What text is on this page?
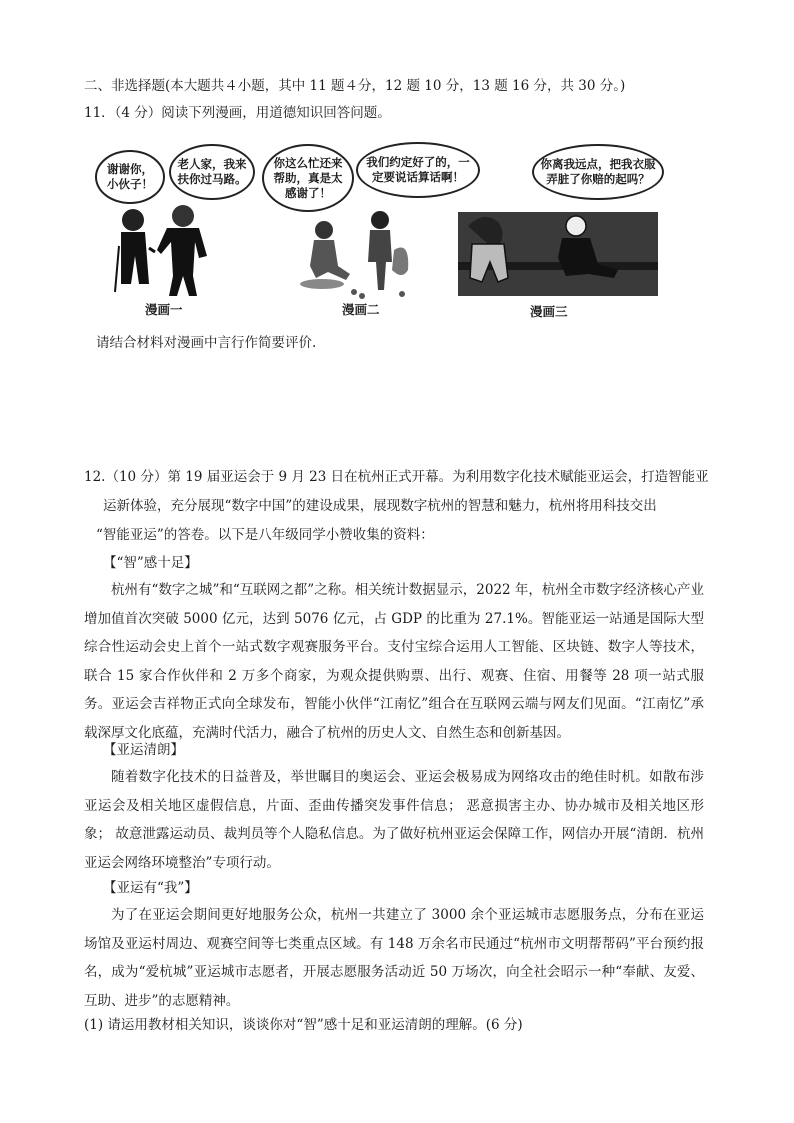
二、非选择题(本大题共４小题，其中 11 题４分，12 题 10 分，13 题 16 分，共 30 分。)
11．（4 分）阅读下列漫画，用道德知识回答问题。
谢谢你，小伙子！
老人家，我来扶你过马路。
漫画一
你这么忙还来帮助，真是太感谢了！
我们约定好了的，一定要说话算话啊！
漫画二
你离我远点，把我衣服弄脏了你赔的起吗？
漫画三
请结合材料对漫画中言行作简要评价.
12.（10 分）第 19 届亚运会于 9 月 23 日在杭州正式开幕。为利用数字化技术赋能亚运会，打造智能亚
运新体验，充分展现“数字中国”的建设成果，展现数字杭州的智慧和魅力，杭州将用科技交出
“智能亚运”的答卷。以下是八年级同学小赞收集的资料：
【“智”感十足】
杭州有“数字之城”和“互联网之都”之称。相关统计数据显示，2022 年，杭州全市数字经济核心产业增加值首次突破 5000 亿元，达到 5076 亿元，占 GDP 的比重为 27.1%。智能亚运一站通是国际大型综合性运动会史上首个一站式数字观赛服务平台。支付宝综合运用人工智能、区块链、数字人等技术，联合 15 家合作伙伴和 2 万多个商家，为观众提供购票、出行、观赛、住宿、用餐等 28 项一站式服务。亚运会吉祥物正式向全球发布，智能小伙伴“江南忆”组合在互联网云端与网友们见面。“江南忆”承载深厚文化底蕴，充满时代活力，融合了杭州的历史人文、自然生态和创新基因。
【亚运清朗】
随着数字化技术的日益普及，举世瞩目的奥运会、亚运会极易成为网络攻击的绝佳时机。如散布涉亚运会及相关地区虚假信息，片面、歪曲传播突发事件信息； 恶意损害主办、协办城市及相关地区形象； 故意泄露运动员、裁判员等个人隐私信息。为了做好杭州亚运会保障工作，网信办开展“清朗．杭州亚运会网络环境整治”专项行动。
【亚运有“我”】
为了在亚运会期间更好地服务公众，杭州一共建立了 3000 余个亚运城市志愿服务点，分布在亚运场馆及亚运村周边、观赛空间等七类重点区域。有 148 万余名市民通过“杭州市文明帮帮码”平台预约报名，成为“爱杭城”亚运城市志愿者，开展志愿服务活动近 50 万场次，向全社会昭示一种“奉献、友爱、互助、进步”的志愿精神。
(1) 请运用教材相关知识，谈谈你对“智”感十足和亚运清朗的理解。(6 分)
